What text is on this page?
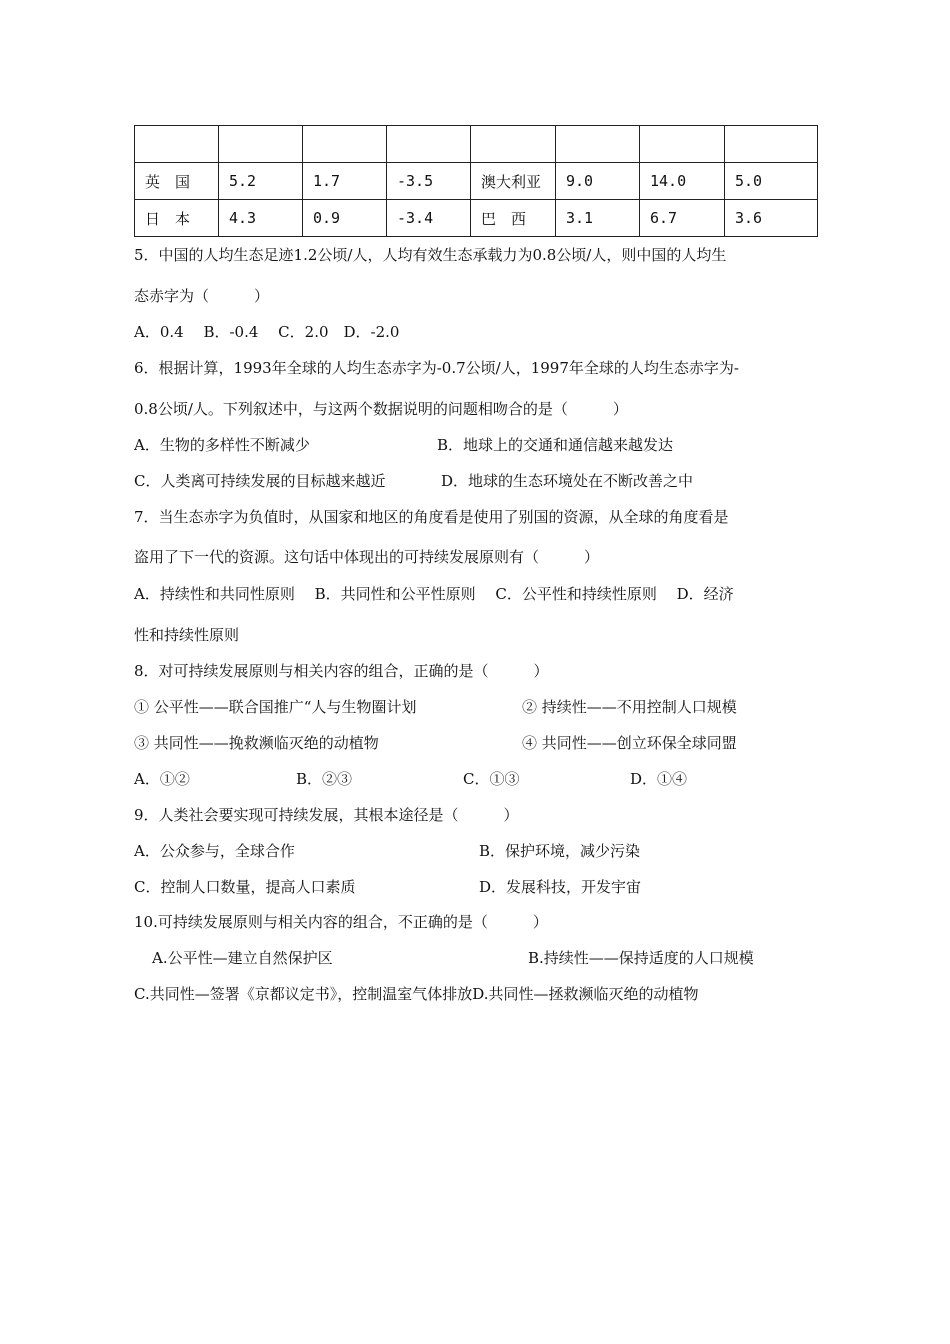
英　国	5.2	1.7	-3.5	澳大利亚	9.0	14.0	5.0
日　本	4.3	0.9	-3.4	巴　西	3.1	6.7	3.6
5．中国的人均生态足迹1.2公顷/人，人均有效生态承载力为0.8公顷/人，则中国的人均生
态赤字为（　　　）
A．0.4　 B．-0.4　 C．2.0　D．-2.0
6．根据计算，1993年全球的人均生态赤字为-0.7公顷/人，1997年全球的人均生态赤字为-
0.8公顷/人。下列叙述中，与这两个数据说明的问题相吻合的是（　　　）
A．生物的多样性不断减少	B．地球上的交通和通信越来越发达
C．人类离可持续发展的目标越来越近	D．地球的生态环境处在不断改善之中
7．当生态赤字为负值时，从国家和地区的角度看是使用了别国的资源，从全球的角度看是
盗用了下一代的资源。这句话中体现出的可持续发展原则有（　　　）
A．持续性和共同性原则　 B．共同性和公平性原则　 C．公平性和持续性原则　 D．经济
性和持续性原则
8．对可持续发展原则与相关内容的组合，正确的是（　　　）
① 公平性——联合国推广“人与生物圈计划	② 持续性——不用控制人口规模
③ 共同性——挽救濒临灭绝的动植物	④ 共同性——创立环保全球同盟
A．①②	B．②③	C．①③	D．①④
9．人类社会要实现可持续发展，其根本途径是（　　　）
A．公众参与，全球合作	B．保护环境，减少污染
C．控制人口数量，提高人口素质	D．发展科技，开发宇宙
10.可持续发展原则与相关内容的组合，不正确的是（　　　）
A.公平性—建立自然保护区	B.持续性——保持适度的人口规模
C.共同性—签署《京都议定书》，控制温室气体排放D.共同性—拯救濒临灭绝的动植物
